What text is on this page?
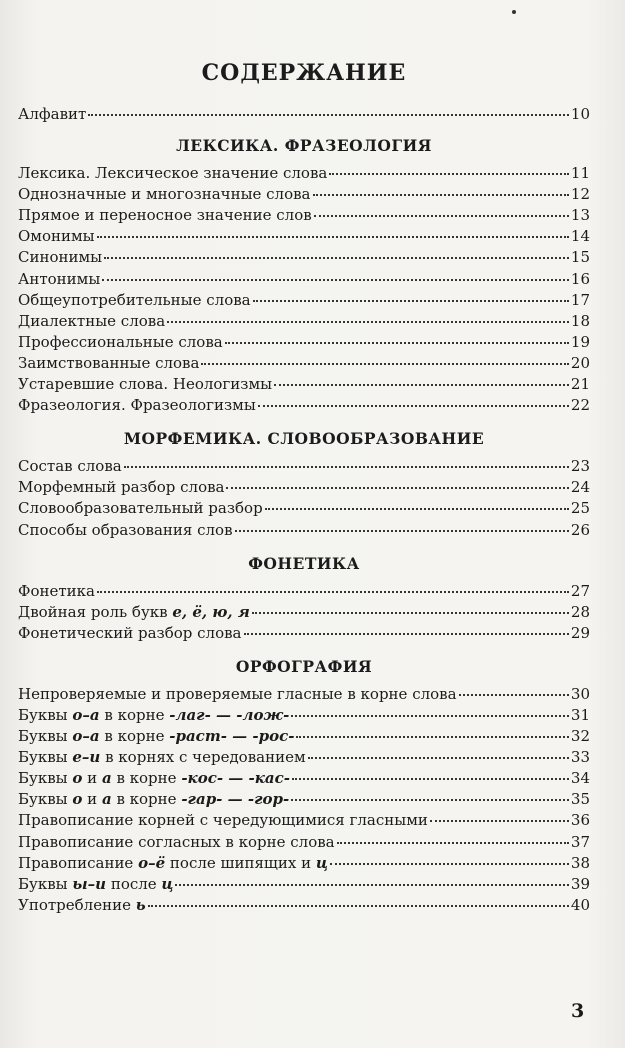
СОДЕРЖАНИЕ
Алфавит	10
ЛЕКСИКА. ФРАЗЕОЛОГИЯ
Лексика. Лексическое значение слова	11
Однозначные и многозначные слова	12
Прямое и переносное значение слов	13
Омонимы	14
Синонимы	15
Антонимы	16
Общеупотребительные слова	17
Диалектные слова	18
Профессиональные слова	19
Заимствованные слова	20
Устаревшие слова. Неологизмы	21
Фразеология. Фразеологизмы	22
МОРФЕМИКА. СЛОВООБРАЗОВАНИЕ
Состав слова	23
Морфемный разбор слова	24
Словообразовательный разбор	25
Способы образования слов	26
ФОНЕТИКА
Фонетика	27
Двойная роль букв е, ё, ю, я	28
Фонетический разбор слова	29
ОРФОГРАФИЯ
Непроверяемые и проверяемые гласные в корне слова	30
Буквы о–а в корне -лаг- — -лож-	31
Буквы о–а в корне -раст- — -рос-	32
Буквы е–и в корнях с чередованием	33
Буквы о и а в корне -кос- — -кас-	34
Буквы о и а в корне -гар- — -гор-	35
Правописание корней с чередующимися гласными	36
Правописание согласных в корне слова	37
Правописание о–ё после шипящих и ц	38
Буквы ы–и после ц	39
Употребление ь	40
3
